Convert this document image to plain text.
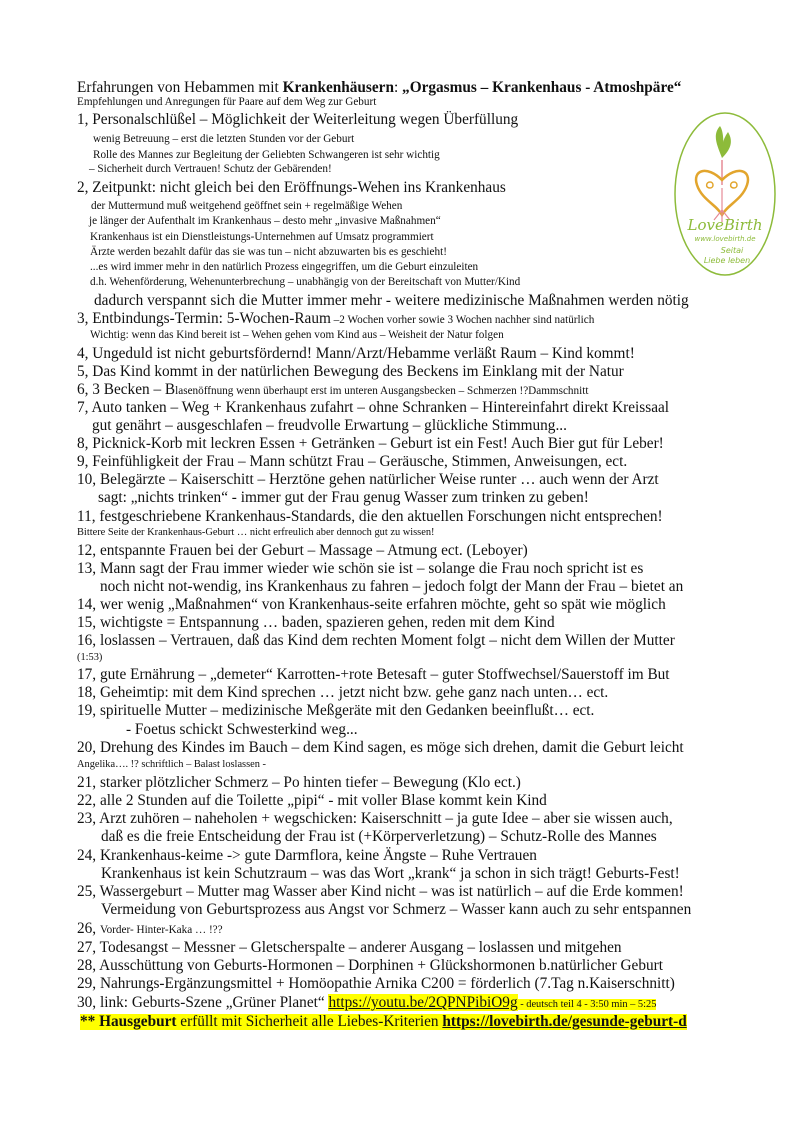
Erfahrungen von Hebammen mit Krankenhäusern: „Orgasmus – Krankenhaus - Atmoshpäre“
Empfehlungen und Anregungen für Paare auf dem Weg zur Geburt
1, Personalschlüßel – Möglichkeit der Weiterleitung wegen Überfüllung
wenig Betreuung – erst die letzten Stunden vor der Geburt
Rolle des Mannes zur Begleitung der Geliebten Schwangeren ist sehr wichtig
– Sicherheit durch Vertrauen! Schutz der Gebärenden!
2, Zeitpunkt: nicht gleich bei den Eröffnungs-Wehen ins Krankenhaus
der Muttermund muß weitgehend geöffnet sein + regelmäßige Wehen
je länger der Aufenthalt im Krankenhaus – desto mehr „invasive Maßnahmen“
Krankenhaus ist ein Dienstleistungs-Unternehmen auf Umsatz programmiert
Ärzte werden bezahlt dafür das sie was tun – nicht abzuwarten bis es geschieht!
...es wird immer mehr in den natürlich Prozess eingegriffen, um die Geburt einzuleiten
d.h. Wehenförderung, Wehenunterbrechung – unabhängig von der Bereitschaft von Mutter/Kind
dadurch verspannt sich die Mutter immer mehr - weitere medizinische Maßnahmen werden nötig
3, Entbindungs-Termin: 5-Wochen-Raum –2 Wochen vorher sowie 3 Wochen nachher sind natürlich
Wichtig: wenn das Kind bereit ist – Wehen gehen vom Kind aus – Weisheit der Natur folgen
4, Ungeduld ist nicht geburtsfördernd! Mann/Arzt/Hebamme verläßt Raum – Kind kommt!
5, Das Kind kommt in der natürlichen Bewegung des Beckens im Einklang mit der Natur
6, 3 Becken – Blasenöffnung wenn überhaupt erst im unteren Ausgangsbecken – Schmerzen !?Dammschnitt
7, Auto tanken – Weg + Krankenhaus zufahrt – ohne Schranken – Hintereinfahrt direkt Kreissaal
gut genährt – ausgeschlafen – freudvolle Erwartung – glückliche Stimmung...
8, Picknick-Korb mit leckren Essen + Getränken – Geburt ist ein Fest! Auch Bier gut für Leber!
9, Feinfühligkeit der Frau – Mann schützt Frau – Geräusche, Stimmen, Anweisungen, ect.
10, Belegärzte – Kaiserschitt – Herztöne gehen natürlicher Weise runter … auch wenn der Arzt
sagt: „nichts trinken“ - immer gut der Frau genug Wasser zum trinken zu geben!
11, festgeschriebene Krankenhaus-Standards, die den aktuellen Forschungen nicht entsprechen!
Bittere Seite der Krankenhaus-Geburt … nicht erfreulich aber dennoch gut zu wissen!
12, entspannte Frauen bei der Geburt – Massage – Atmung ect. (Leboyer)
13, Mann sagt der Frau immer wieder wie schön sie ist – solange die Frau noch spricht ist es
noch nicht not-wendig, ins Krankenhaus zu fahren – jedoch folgt der Mann der Frau – bietet an
14, wer wenig „Maßnahmen“ von Krankenhaus-seite erfahren möchte, geht so spät wie möglich
15, wichtigste = Entspannung … baden, spazieren gehen, reden mit dem Kind
16, loslassen – Vertrauen, daß das Kind dem rechten Moment folgt – nicht dem Willen der Mutter
(1:53)
17, gute Ernährung – „demeter“ Karrotten-+rote Betesaft – guter Stoffwechsel/Sauerstoff im But
18, Geheimtip: mit dem Kind sprechen … jetzt nicht bzw. gehe ganz nach unten… ect.
19, spirituelle Mutter – medizinische Meßgeräte mit den Gedanken beeinflußt… ect.
- Foetus schickt Schwesterkind weg...
20, Drehung des Kindes im Bauch – dem Kind sagen, es möge sich drehen, damit die Geburt leicht
Angelika…. !? schriftlich – Balast loslassen -
21, starker plötzlicher Schmerz – Po hinten tiefer – Bewegung (Klo ect.)
22, alle 2 Stunden auf die Toilette „pipi“ - mit voller Blase kommt kein Kind
23, Arzt zuhören – naheholen + wegschicken: Kaiserschnitt – ja gute Idee – aber sie wissen auch,
daß es die freie Entscheidung der Frau ist (+Körperverletzung) – Schutz-Rolle des Mannes
24, Krankenhaus-keime -> gute Darmflora, keine Ängste – Ruhe Vertrauen
Krankenhaus ist kein Schutzraum – was das Wort „krank“ ja schon in sich trägt! Geburts-Fest!
25, Wassergeburt – Mutter mag Wasser aber Kind nicht – was ist natürlich – auf die Erde kommen!
Vermeidung von Geburtsprozess aus Angst vor Schmerz – Wasser kann auch zu sehr entspannen
26, Vorder- Hinter-Kaka … !??
27, Todesangst – Messner – Gletscherspalte – anderer Ausgang – loslassen und mitgehen
28, Ausschüttung von Geburts-Hormonen – Dorphinen + Glückshormonen b.natürlicher Geburt
29, Nahrungs-Ergänzungsmittel + Homöopathie Arnika C200 = förderlich (7.Tag n.Kaiserschnitt)
30, link: Geburts-Szene „Grüner Planet“ https://youtu.be/2QPNPibiO9g - deutsch teil 4 - 3:50 min – 5:25
** Hausgeburt erfüllt mit Sicherheit alle Liebes-Kriterien https://lovebirth.de/gesunde-geburt-d
LoveBirth
www.lovebirth.de
Seitai
Liebe leben
